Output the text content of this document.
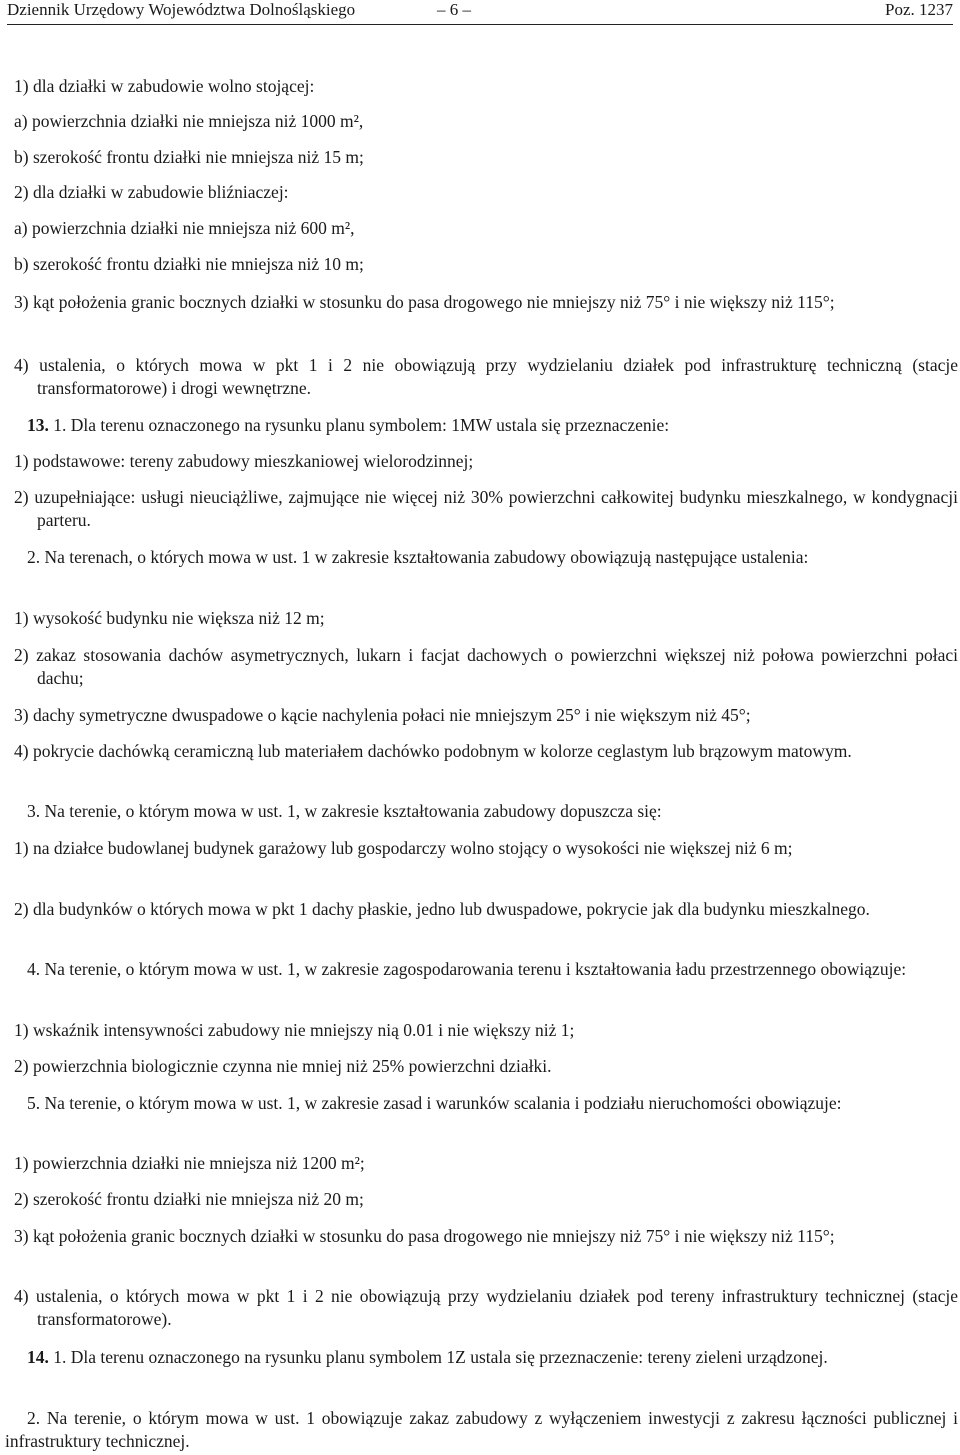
Dziennik Urzędowy Województwa Dolnośląskiego	– 6 –	Poz. 1237

1) dla działki w zabudowie wolno stojącej:

a) powierzchnia działki nie mniejsza niż 1000 m²,

b) szerokość frontu działki nie mniejsza niż 15 m;

2) dla działki w zabudowie bliźniaczej:

a) powierzchnia działki nie mniejsza niż 600 m²,

b) szerokość frontu działki nie mniejsza niż 10 m;

3) kąt położenia granic bocznych działki w stosunku do pasa drogowego nie mniejszy niż 75° i nie większy niż 115°;

4) ustalenia, o których mowa w pkt 1 i 2 nie obowiązują przy wydzielaniu działek pod infrastrukturę techniczną (stacje transformatorowe) i drogi wewnętrzne.

13. 1. Dla terenu oznaczonego na rysunku planu symbolem: 1MW ustala się przeznaczenie:

1) podstawowe: tereny zabudowy mieszkaniowej wielorodzinnej;

2) uzupełniające: usługi nieuciążliwe, zajmujące nie więcej niż 30% powierzchni całkowitej budynku mieszkalnego, w kondygnacji parteru.

2. Na terenach, o których mowa w ust. 1 w zakresie kształtowania zabudowy obowiązują następujące ustalenia:

1) wysokość budynku nie większa niż 12 m;

2) zakaz stosowania dachów asymetrycznych, lukarn i facjat dachowych o powierzchni większej niż połowa powierzchni połaci dachu;

3) dachy symetryczne dwuspadowe o kącie nachylenia połaci nie mniejszym 25° i nie większym niż 45°;

4) pokrycie dachówką ceramiczną lub materiałem dachówko podobnym w kolorze ceglastym lub brązowym matowym.

3. Na terenie, o którym mowa w ust. 1, w zakresie kształtowania zabudowy dopuszcza się:

1) na działce budowlanej budynek garażowy lub gospodarczy wolno stojący o wysokości nie większej niż 6 m;

2) dla budynków o których mowa w pkt 1 dachy płaskie, jedno lub dwuspadowe, pokrycie jak dla budynku mieszkalnego.

4. Na terenie, o którym mowa w ust. 1, w zakresie zagospodarowania terenu i kształtowania ładu przestrzennego obowiązuje:

1) wskaźnik intensywności zabudowy nie mniejszy nią 0.01 i nie większy niż 1;

2) powierzchnia biologicznie czynna nie mniej niż 25% powierzchni działki.

5. Na terenie, o którym mowa w ust. 1, w zakresie zasad i warunków scalania i podziału nieruchomości obowiązuje:

1) powierzchnia działki nie mniejsza niż 1200 m²;

2) szerokość frontu działki nie mniejsza niż 20 m;

3) kąt położenia granic bocznych działki w stosunku do pasa drogowego nie mniejszy niż 75° i nie większy niż 115°;

4) ustalenia, o których mowa w pkt 1 i 2 nie obowiązują przy wydzielaniu działek pod tereny infrastruktury technicznej (stacje transformatorowe).

14. 1. Dla terenu oznaczonego na rysunku planu symbolem 1Z ustala się przeznaczenie: tereny zieleni urządzonej.

2. Na terenie, o którym mowa w ust. 1 obowiązuje zakaz zabudowy z wyłączeniem inwestycji z zakresu łączności publicznej i infrastruktury technicznej.
